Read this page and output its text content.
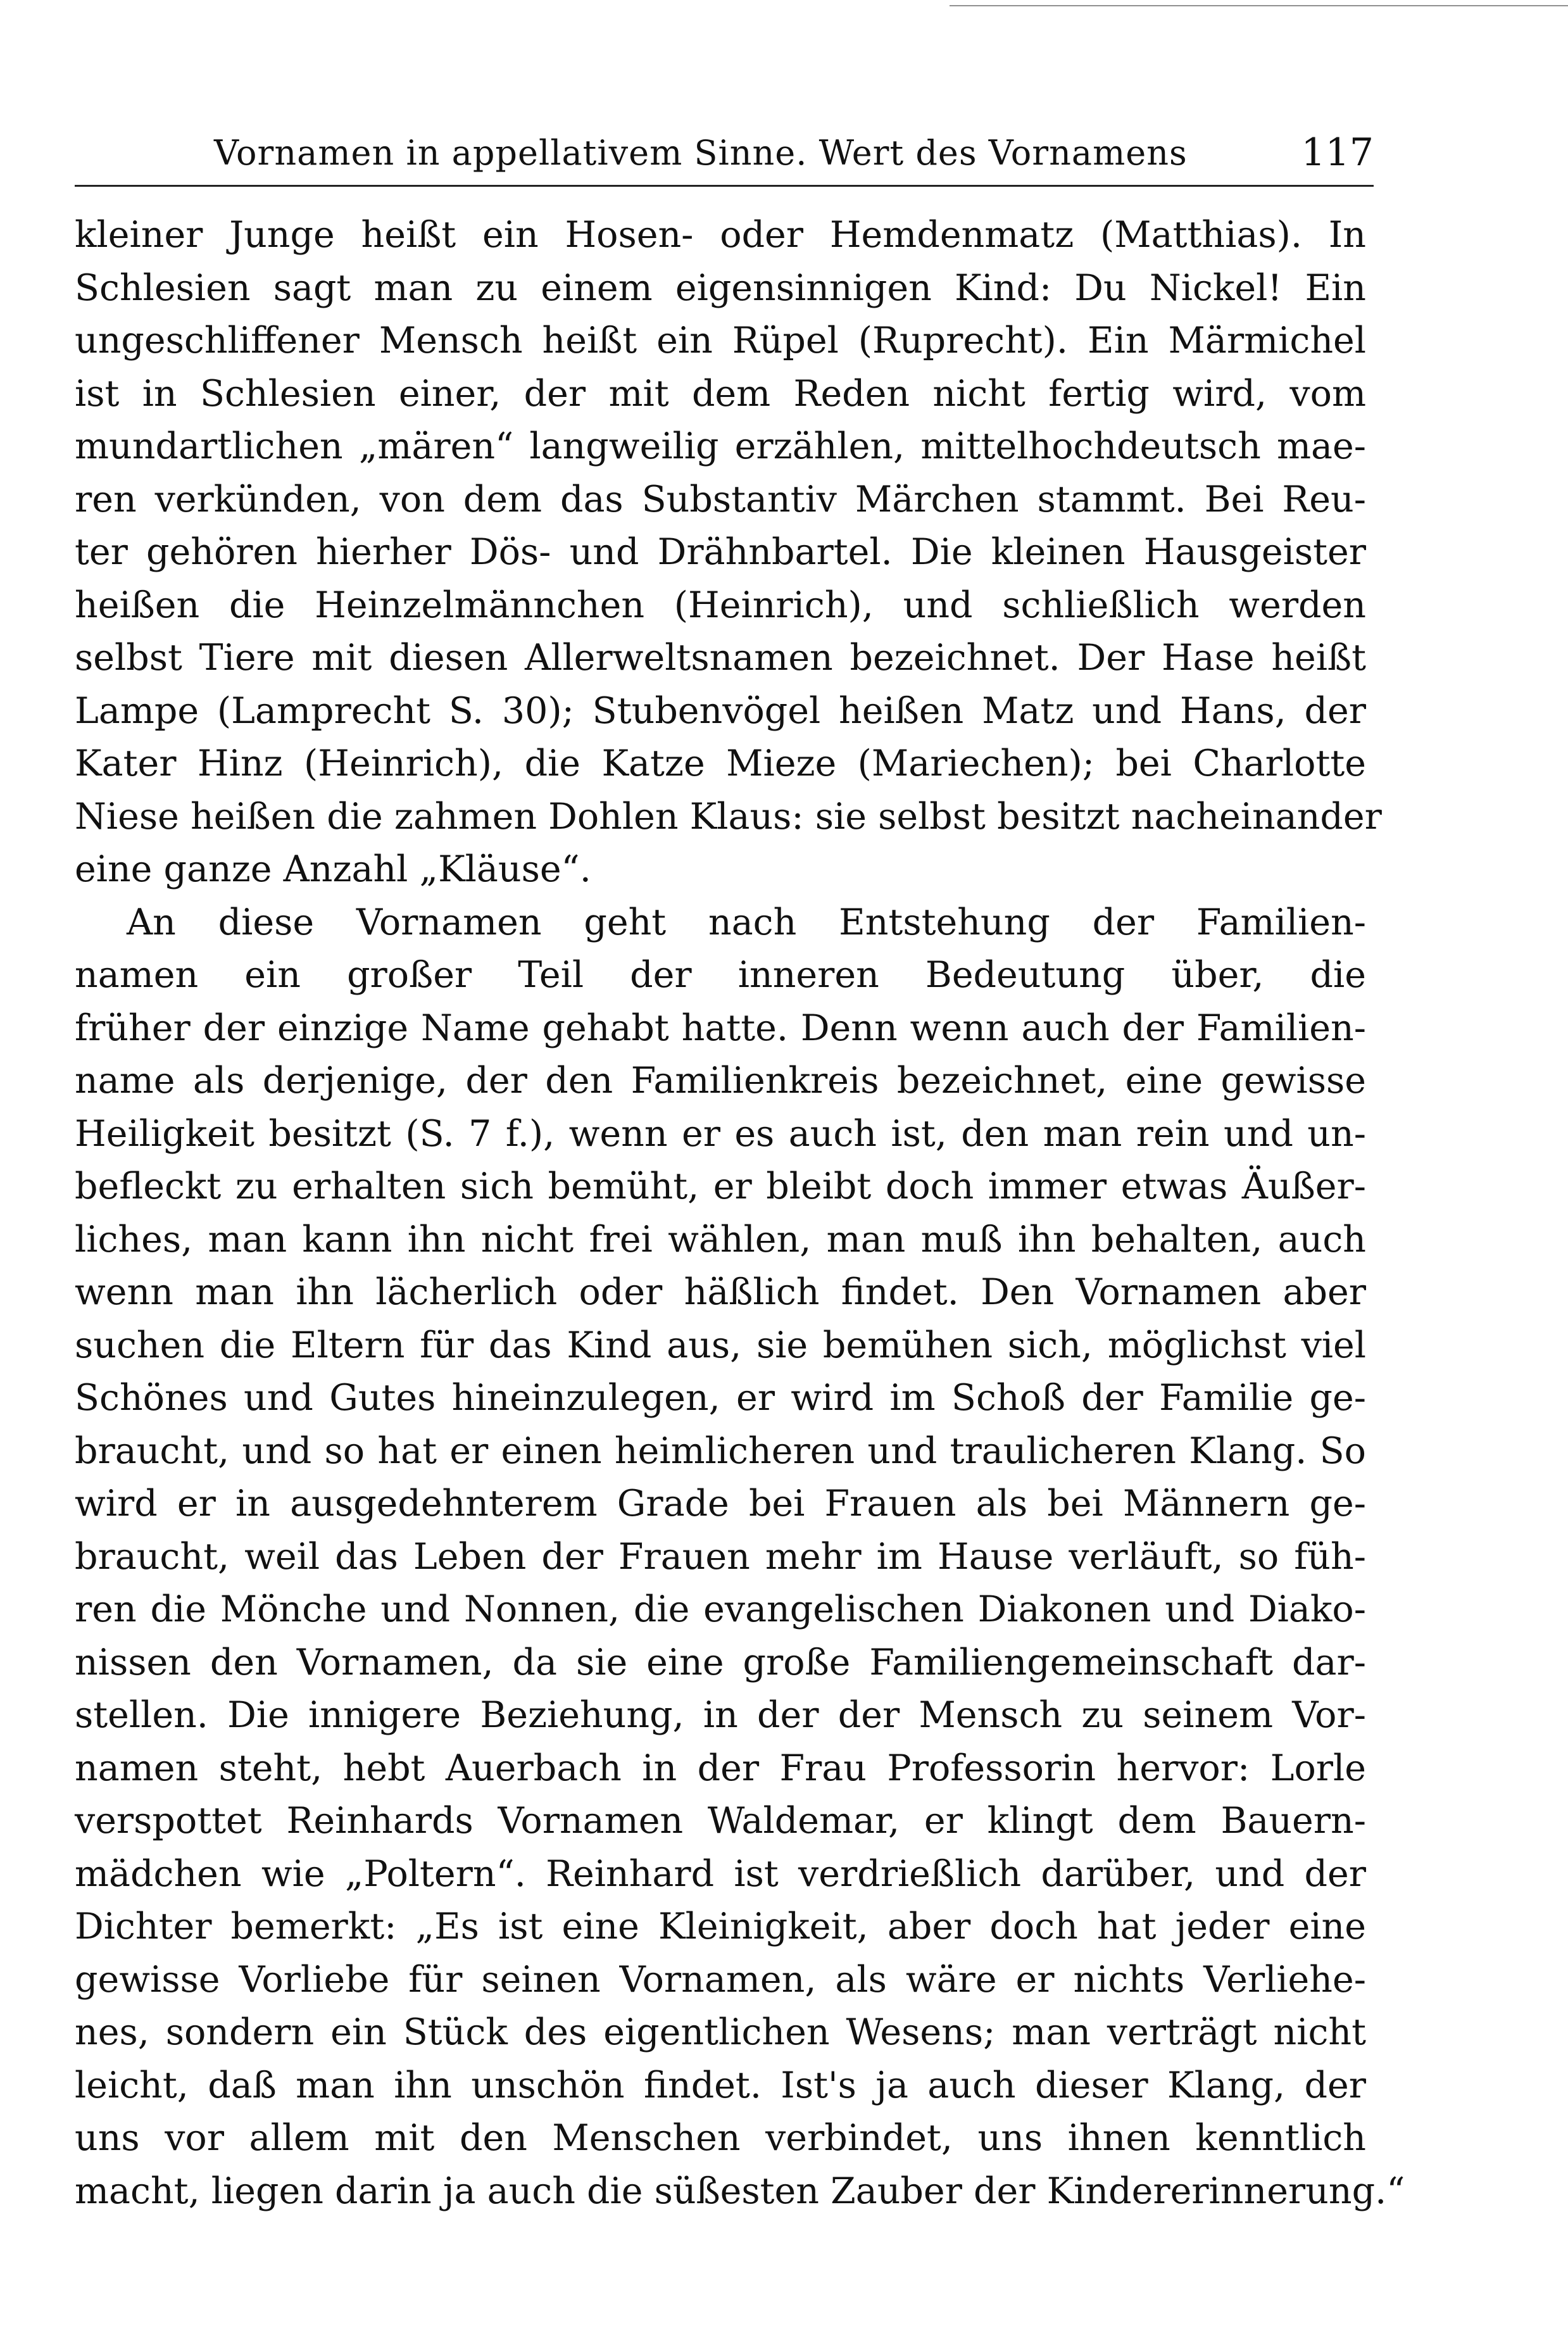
Vornamen in appellativem Sinne. Wert des Vornamens	117
kleiner Junge heißt ein Hosen- oder Hemdenmatz (Matthias). In
Schlesien sagt man zu einem eigensinnigen Kind: Du Nickel! Ein
ungeschliffener Mensch heißt ein Rüpel (Ruprecht). Ein Märmichel
ist in Schlesien einer, der mit dem Reden nicht fertig wird, vom
mundartlichen „mären“ langweilig erzählen, mittelhochdeutsch mae-
ren verkünden, von dem das Substantiv Märchen stammt. Bei Reu-
ter gehören hierher Dös- und Drähnbartel. Die kleinen Hausgeister
heißen die Heinzelmännchen (Heinrich), und schließlich werden
selbst Tiere mit diesen Allerweltsnamen bezeichnet. Der Hase heißt
Lampe (Lamprecht S. 30); Stubenvögel heißen Matz und Hans, der
Kater Hinz (Heinrich), die Katze Mieze (Mariechen); bei Charlotte
Niese heißen die zahmen Dohlen Klaus: sie selbst besitzt nacheinander
eine ganze Anzahl „Kläuse“.
An diese Vornamen geht nach Entstehung der Familien-
namen ein großer Teil der inneren Bedeutung über, die
früher der einzige Name gehabt hatte. Denn wenn auch der Familien-
name als derjenige, der den Familienkreis bezeichnet, eine gewisse
Heiligkeit besitzt (S. 7 f.), wenn er es auch ist, den man rein und un-
befleckt zu erhalten sich bemüht, er bleibt doch immer etwas Äußer-
liches, man kann ihn nicht frei wählen, man muß ihn behalten, auch
wenn man ihn lächerlich oder häßlich findet. Den Vornamen aber
suchen die Eltern für das Kind aus, sie bemühen sich, möglichst viel
Schönes und Gutes hineinzulegen, er wird im Schoß der Familie ge-
braucht, und so hat er einen heimlicheren und traulicheren Klang. So
wird er in ausgedehnterem Grade bei Frauen als bei Männern ge-
braucht, weil das Leben der Frauen mehr im Hause verläuft, so füh-
ren die Mönche und Nonnen, die evangelischen Diakonen und Diako-
nissen den Vornamen, da sie eine große Familiengemeinschaft dar-
stellen. Die innigere Beziehung, in der der Mensch zu seinem Vor-
namen steht, hebt Auerbach in der Frau Professorin hervor: Lorle
verspottet Reinhards Vornamen Waldemar, er klingt dem Bauern-
mädchen wie „Poltern“. Reinhard ist verdrießlich darüber, und der
Dichter bemerkt: „Es ist eine Kleinigkeit, aber doch hat jeder eine
gewisse Vorliebe für seinen Vornamen, als wäre er nichts Verliehe-
nes, sondern ein Stück des eigentlichen Wesens; man verträgt nicht
leicht, daß man ihn unschön findet. Ist's ja auch dieser Klang, der
uns vor allem mit den Menschen verbindet, uns ihnen kenntlich
macht, liegen darin ja auch die süßesten Zauber der Kindererinnerung.“
